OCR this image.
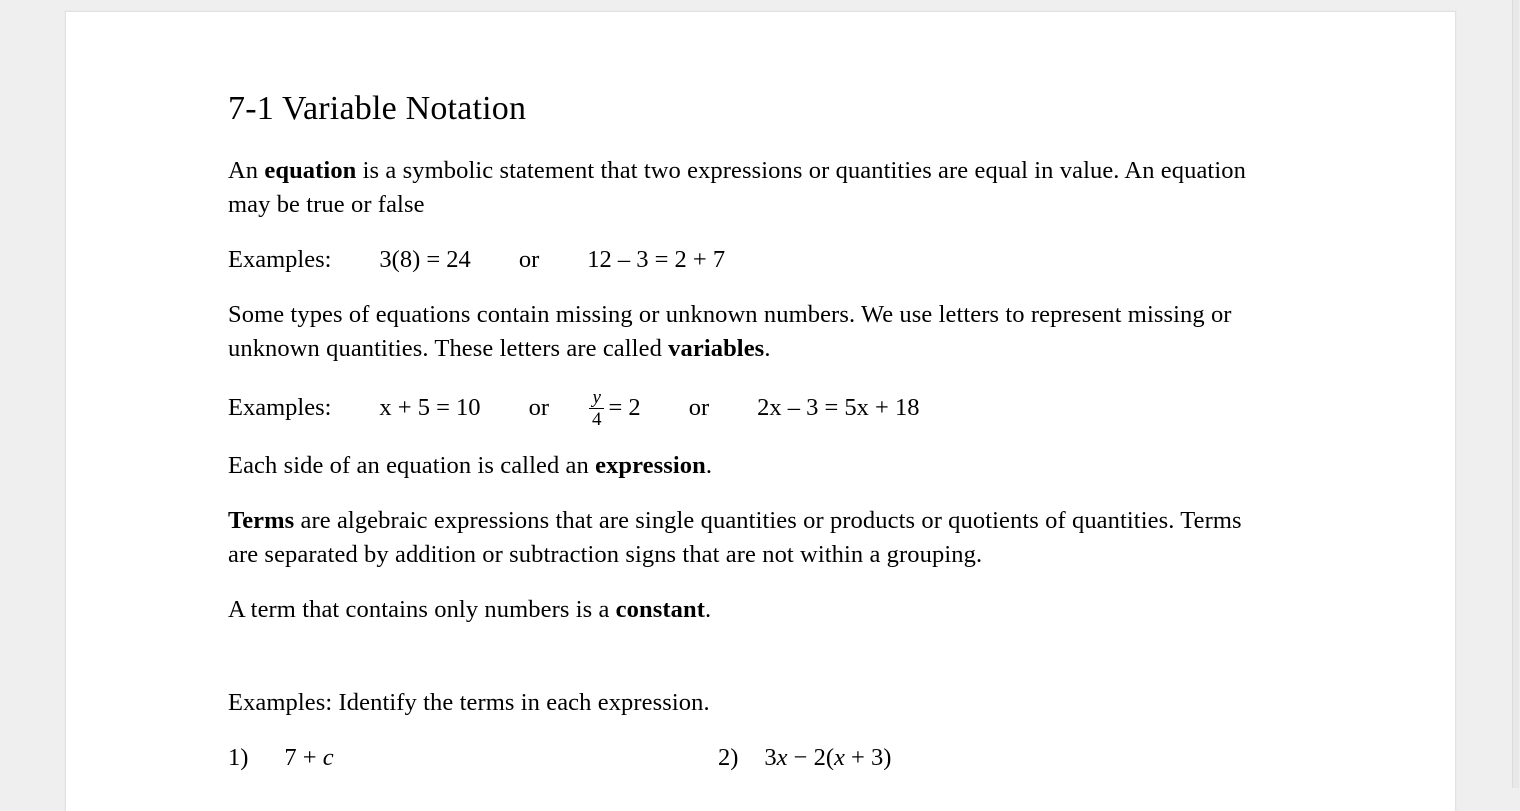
7-1 Variable Notation

An equation is a symbolic statement that two expressions or quantities are equal in value. An equation may be true or false

Examples: 3(8) = 24 or 12 – 3 = 2 + 7

Some types of equations contain missing or unknown numbers. We use letters to represent missing or unknown quantities. These letters are called variables.

Examples: x + 5 = 10 or $\frac{y}{4} = 2$ or 2x – 3 = 5x + 18

Each side of an equation is called an expression.

Terms are algebraic expressions that are single quantities or products or quotients of quantities. Terms are separated by addition or subtraction signs that are not within a grouping.

A term that contains only numbers is a constant.

Examples: Identify the terms in each expression.

1) 7 + c	2) 3x − 2(x + 3)
